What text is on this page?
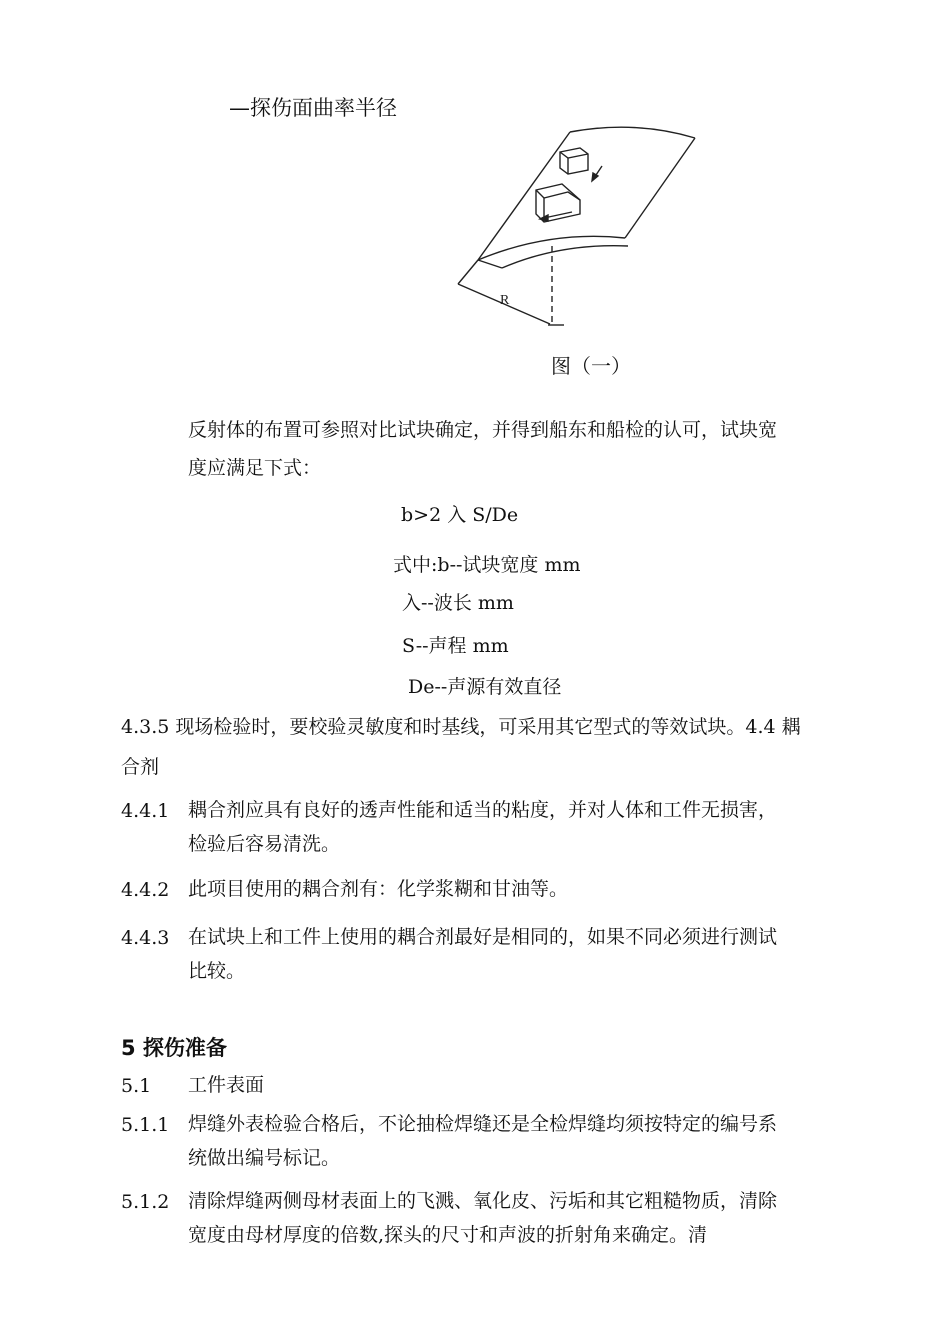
—探伤面曲率半径
R
图（一）
反射体的布置可参照对比试块确定，并得到船东和船检的认可，试块宽
度应满足下式：
b>2 入 S/De
式中:b--试块宽度 mm
入--波长 mm
S--声程 mm
De--声源有效直径
4.3.5 现场检验时，要校验灵敏度和时基线，可采用其它型式的等效试块。4.4 耦
合剂
4.4.1 耦合剂应具有良好的透声性能和适当的粘度，并对人体和工件无损害，
检验后容易清洗。
4.4.2 此项目使用的耦合剂有：化学浆糊和甘油等。
4.4.3 在试块上和工件上使用的耦合剂最好是相同的，如果不同必须进行测试
比较。
5 探伤准备
5.1 工件表面
5.1.1 焊缝外表检验合格后，不论抽检焊缝还是全检焊缝均须按特定的编号系
统做出编号标记。
5.1.2 清除焊缝两侧母材表面上的飞溅、氧化皮、污垢和其它粗糙物质，清除
宽度由母材厚度的倍数,探头的尺寸和声波的折射角来确定。清
